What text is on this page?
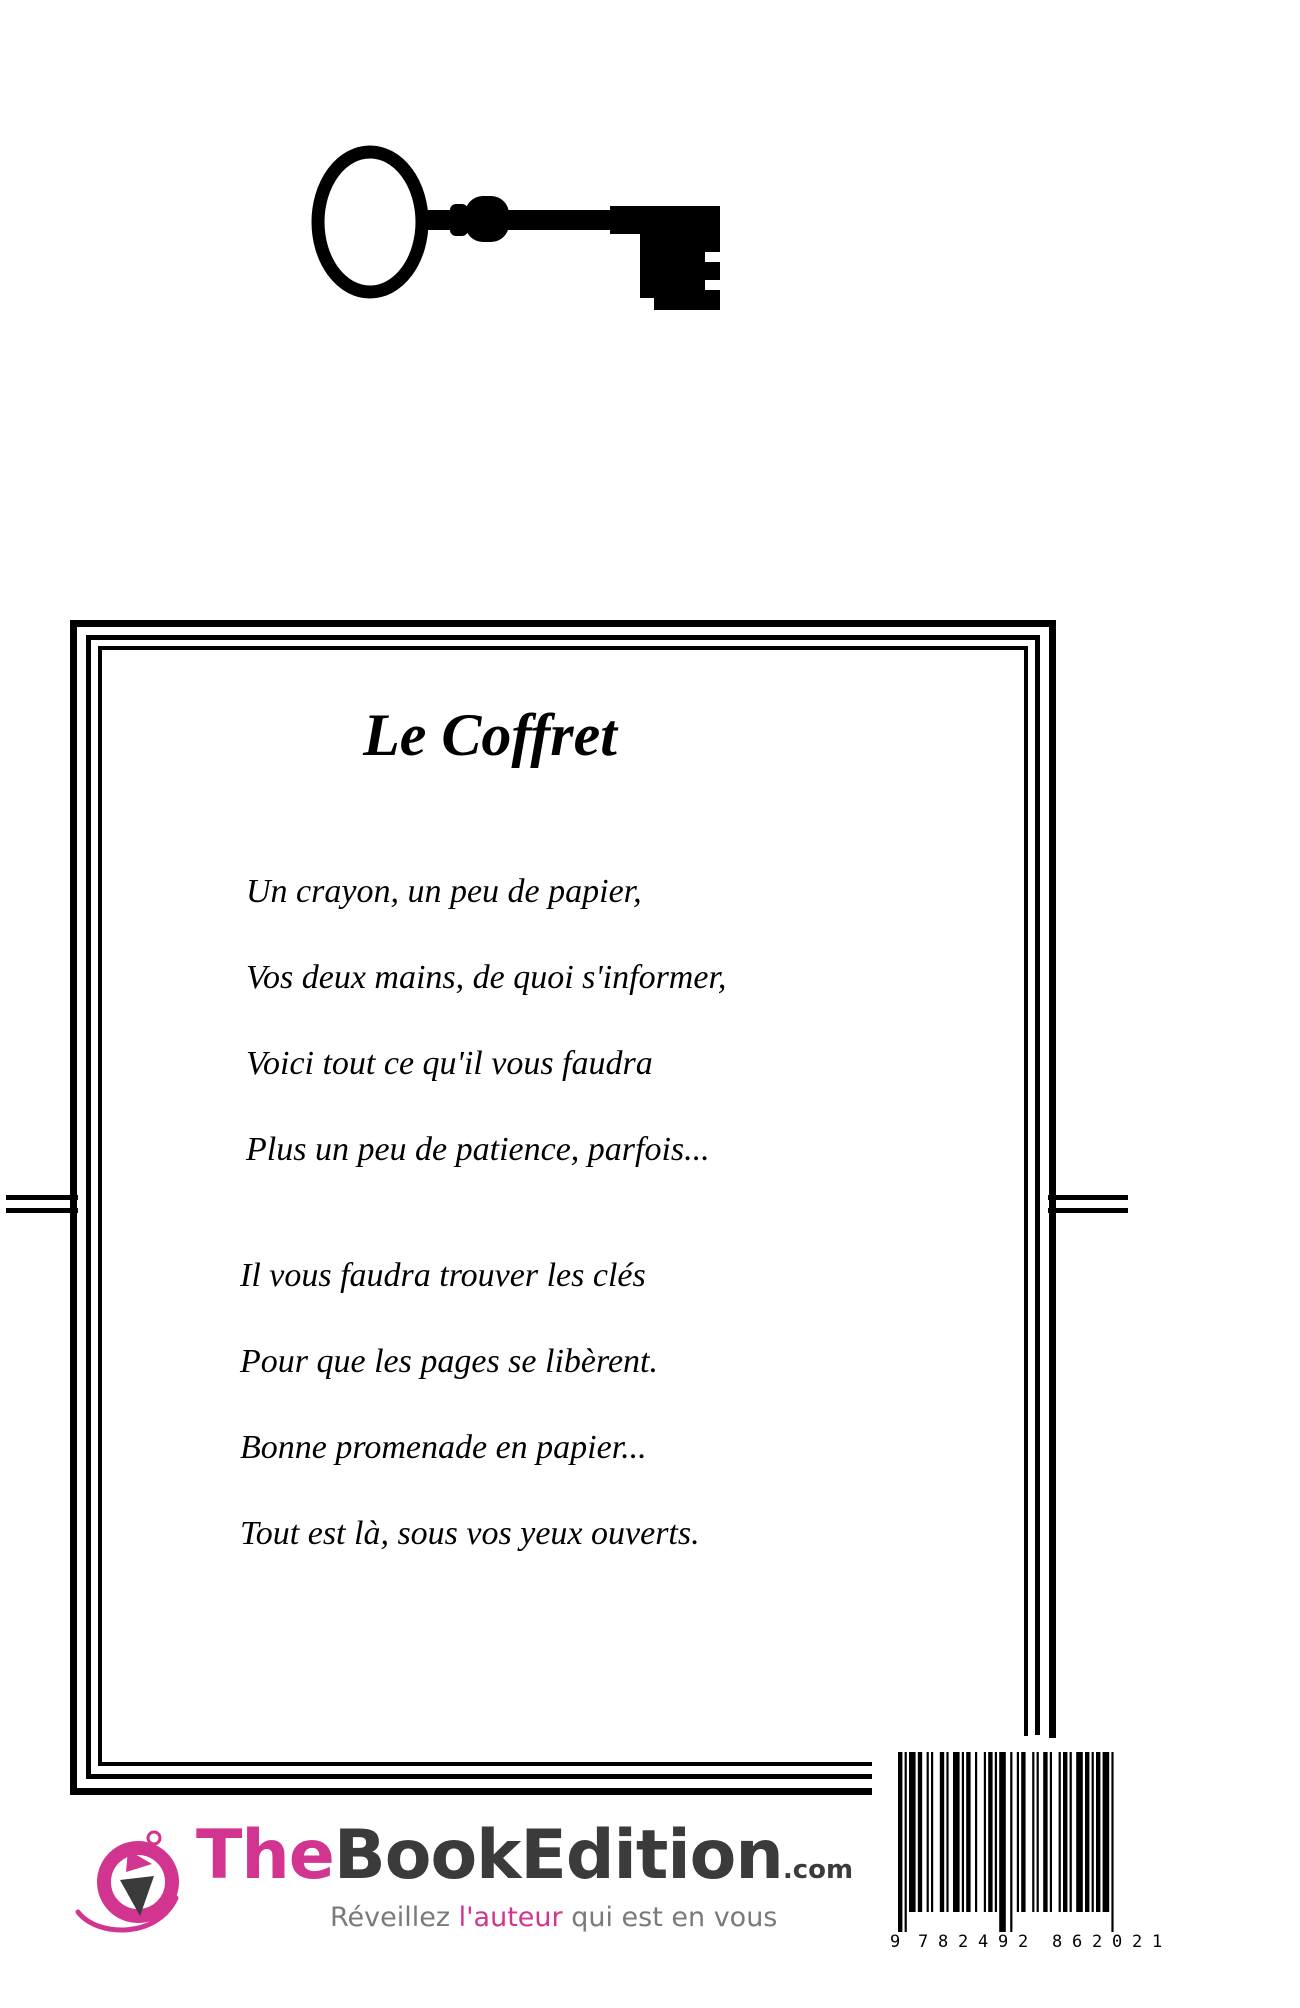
Le Coffret
Un crayon, un peu de papier,
Vos deux mains, de quoi s'informer,
Voici tout ce qu'il vous faudra
Plus un peu de patience, parfois...
Il vous faudra trouver les clés
Pour que les pages se libèrent.
Bonne promenade en papier...
Tout est là, sous vos yeux ouverts.
TheBookEdition.com
Réveillez l'auteur qui est en vous
9 7 8 2 4 9 2 8 6 2 0 2 1
